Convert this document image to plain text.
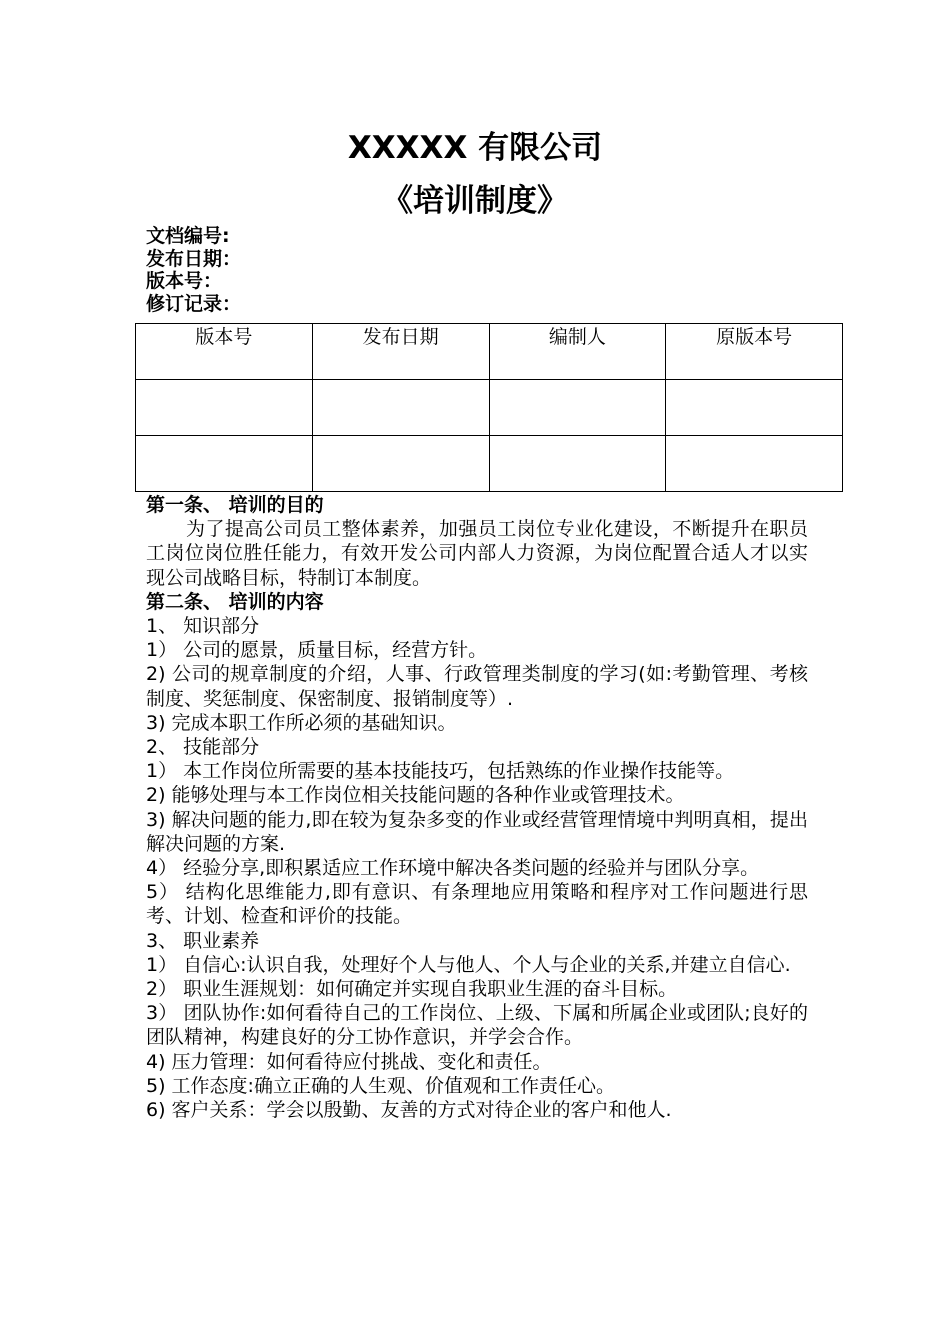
XXXXX 有限公司
《培训制度》
文档编号:
发布日期：
版本号：
修订记录：
版本号	发布日期	编制人	原版本号

第一条、 培训的目的
为了提高公司员工整体素养，加强员工岗位专业化建设，不断提升在职员工岗位岗位胜任能力，有效开发公司内部人力资源，为岗位配置合适人才以实现公司战略目标，特制订本制度。
第二条、 培训的内容
1、 知识部分
1） 公司的愿景，质量目标，经营方针。
2) 公司的规章制度的介绍，人事、行政管理类制度的学习(如:考勤管理、考核制度、奖惩制度、保密制度、报销制度等）.
3) 完成本职工作所必须的基础知识。
2、 技能部分
1） 本工作岗位所需要的基本技能技巧，包括熟练的作业操作技能等。
2) 能够处理与本工作岗位相关技能问题的各种作业或管理技术。
3) 解决问题的能力,即在较为复杂多变的作业或经营管理情境中判明真相，提出解决问题的方案.
4） 经验分享,即积累适应工作环境中解决各类问题的经验并与团队分享。
5） 结构化思维能力,即有意识、有条理地应用策略和程序对工作问题进行思考、计划、检查和评价的技能。
3、 职业素养
1） 自信心:认识自我，处理好个人与他人、个人与企业的关系,并建立自信心.
2） 职业生涯规划：如何确定并实现自我职业生涯的奋斗目标。
3） 团队协作:如何看待自己的工作岗位、上级、下属和所属企业或团队;良好的团队精神，构建良好的分工协作意识，并学会合作。
4) 压力管理：如何看待应付挑战、变化和责任。
5) 工作态度:确立正确的人生观、价值观和工作责任心。
6) 客户关系：学会以殷勤、友善的方式对待企业的客户和他人.
